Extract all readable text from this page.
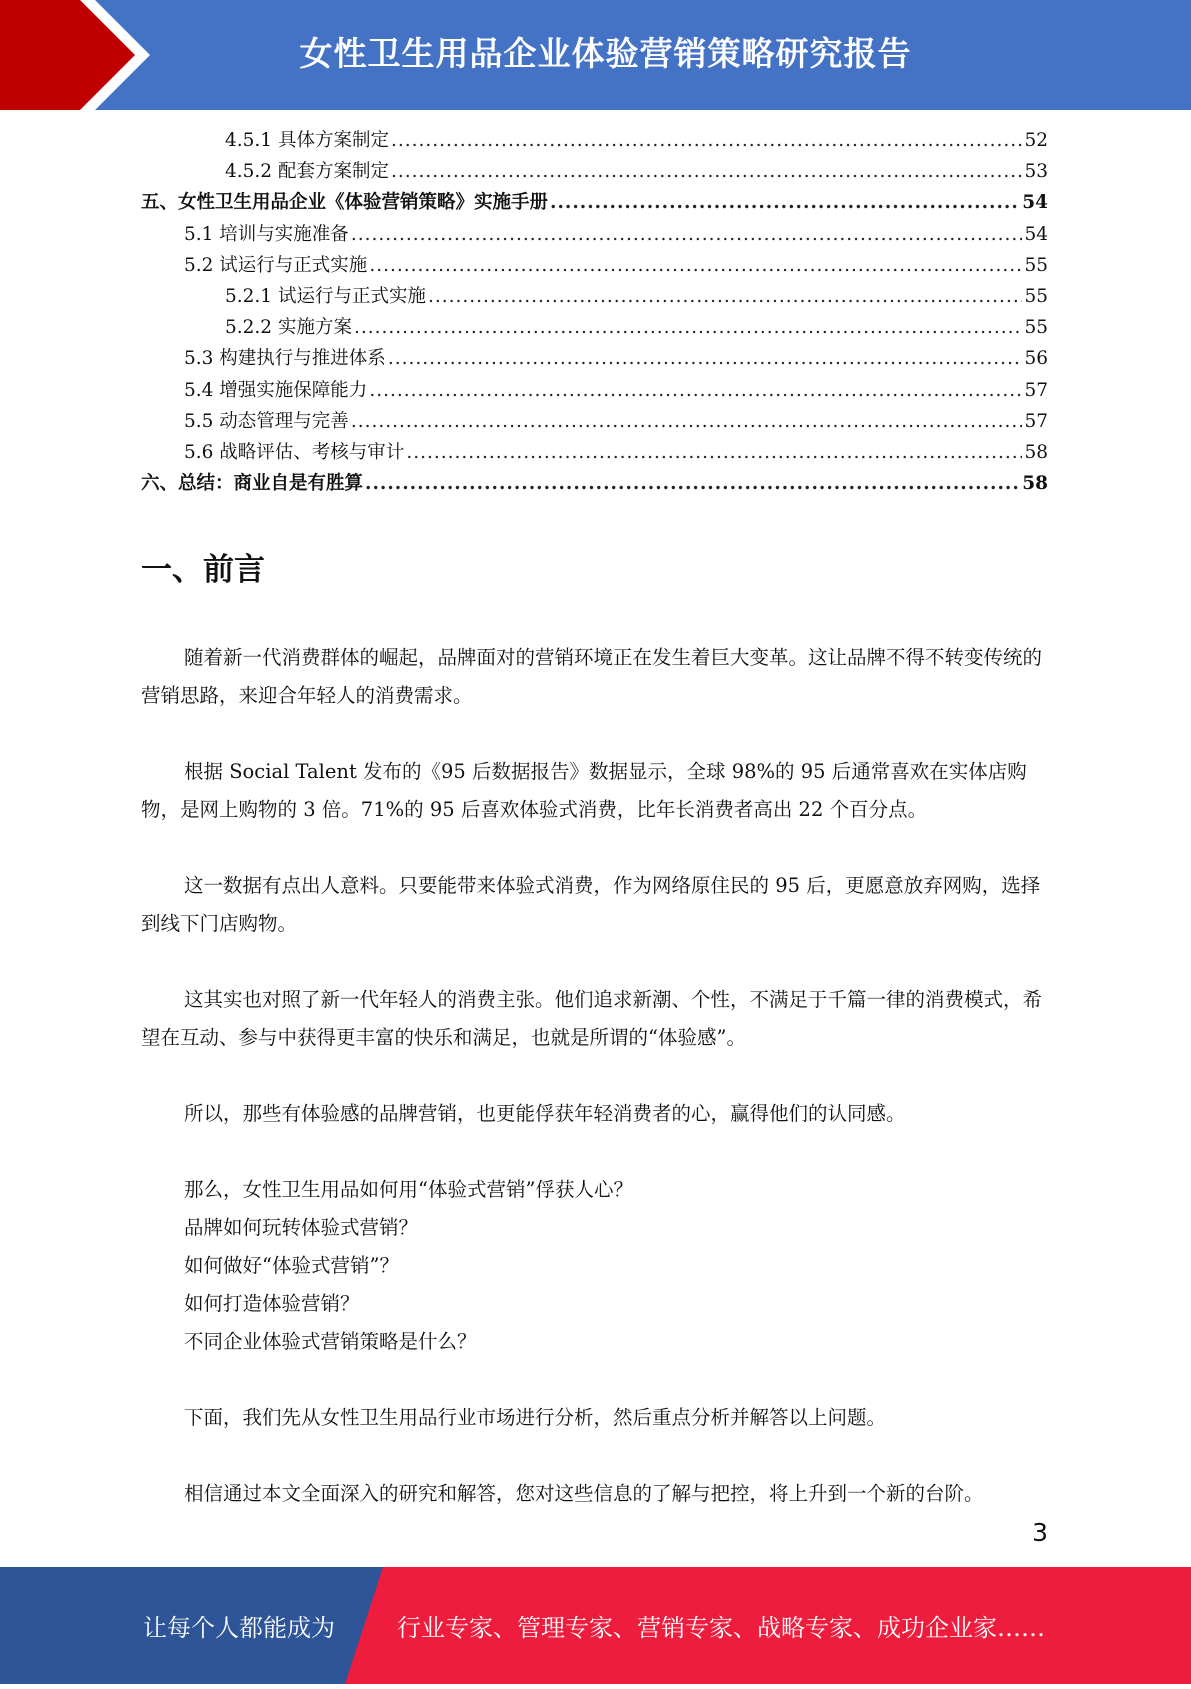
女性卫生用品企业体验营销策略研究报告
4.5.1 具体方案制定 .....	52
4.5.2 配套方案制定 .....	53
五、女性卫生用品企业《体验营销策略》实施手册 .....	54
5.1 培训与实施准备 .....	54
5.2 试运行与正式实施 .....	55
5.2.1 试运行与正式实施 .....	55
5.2.2 实施方案 .....	55
5.3 构建执行与推进体系 .....	56
5.4 增强实施保障能力 .....	57
5.5 动态管理与完善 .....	57
5.6 战略评估、考核与审计 .....	58
六、总结：商业自是有胜算 .....	58
一、前言

随着新一代消费群体的崛起，品牌面对的营销环境正在发生着巨大变革。这让品牌不得不转变传统的营销思路，来迎合年轻人的消费需求。

根据 Social Talent 发布的《95 后数据报告》数据显示，全球 98%的 95 后通常喜欢在实体店购物，是网上购物的 3 倍。71%的 95 后喜欢体验式消费，比年长消费者高出 22 个百分点。

这一数据有点出人意料。只要能带来体验式消费，作为网络原住民的 95 后，更愿意放弃网购，选择到线下门店购物。

这其实也对照了新一代年轻人的消费主张。他们追求新潮、个性，不满足于千篇一律的消费模式，希望在互动、参与中获得更丰富的快乐和满足，也就是所谓的“体验感”。

所以，那些有体验感的品牌营销，也更能俘获年轻消费者的心，赢得他们的认同感。

那么，女性卫生用品如何用“体验式营销”俘获人心？

品牌如何玩转体验式营销？

如何做好“体验式营销”？

如何打造体验营销？

不同企业体验式营销策略是什么？

下面，我们先从女性卫生用品行业市场进行分析，然后重点分析并解答以上问题。

相信通过本文全面深入的研究和解答，您对这些信息的了解与把控，将上升到一个新的台阶。

3
让每个人都能成为	行业专家、管理专家、营销专家、战略专家、成功企业家……
